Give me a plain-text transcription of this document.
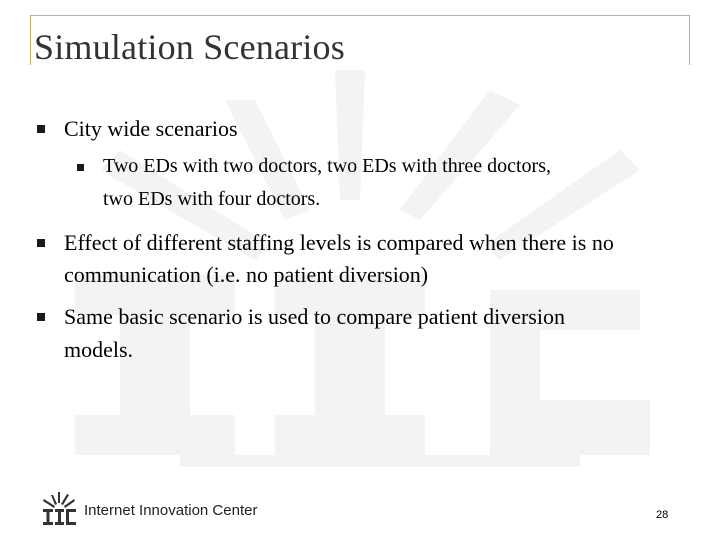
Simulation Scenarios
City wide scenarios
Two EDs with two doctors, two EDs with three doctors,
two EDs with four doctors.
Effect of different staffing levels is compared when there is no
communication (i.e. no patient diversion)
Same basic scenario is used to compare patient diversion
models.
Internet Innovation Center	28
